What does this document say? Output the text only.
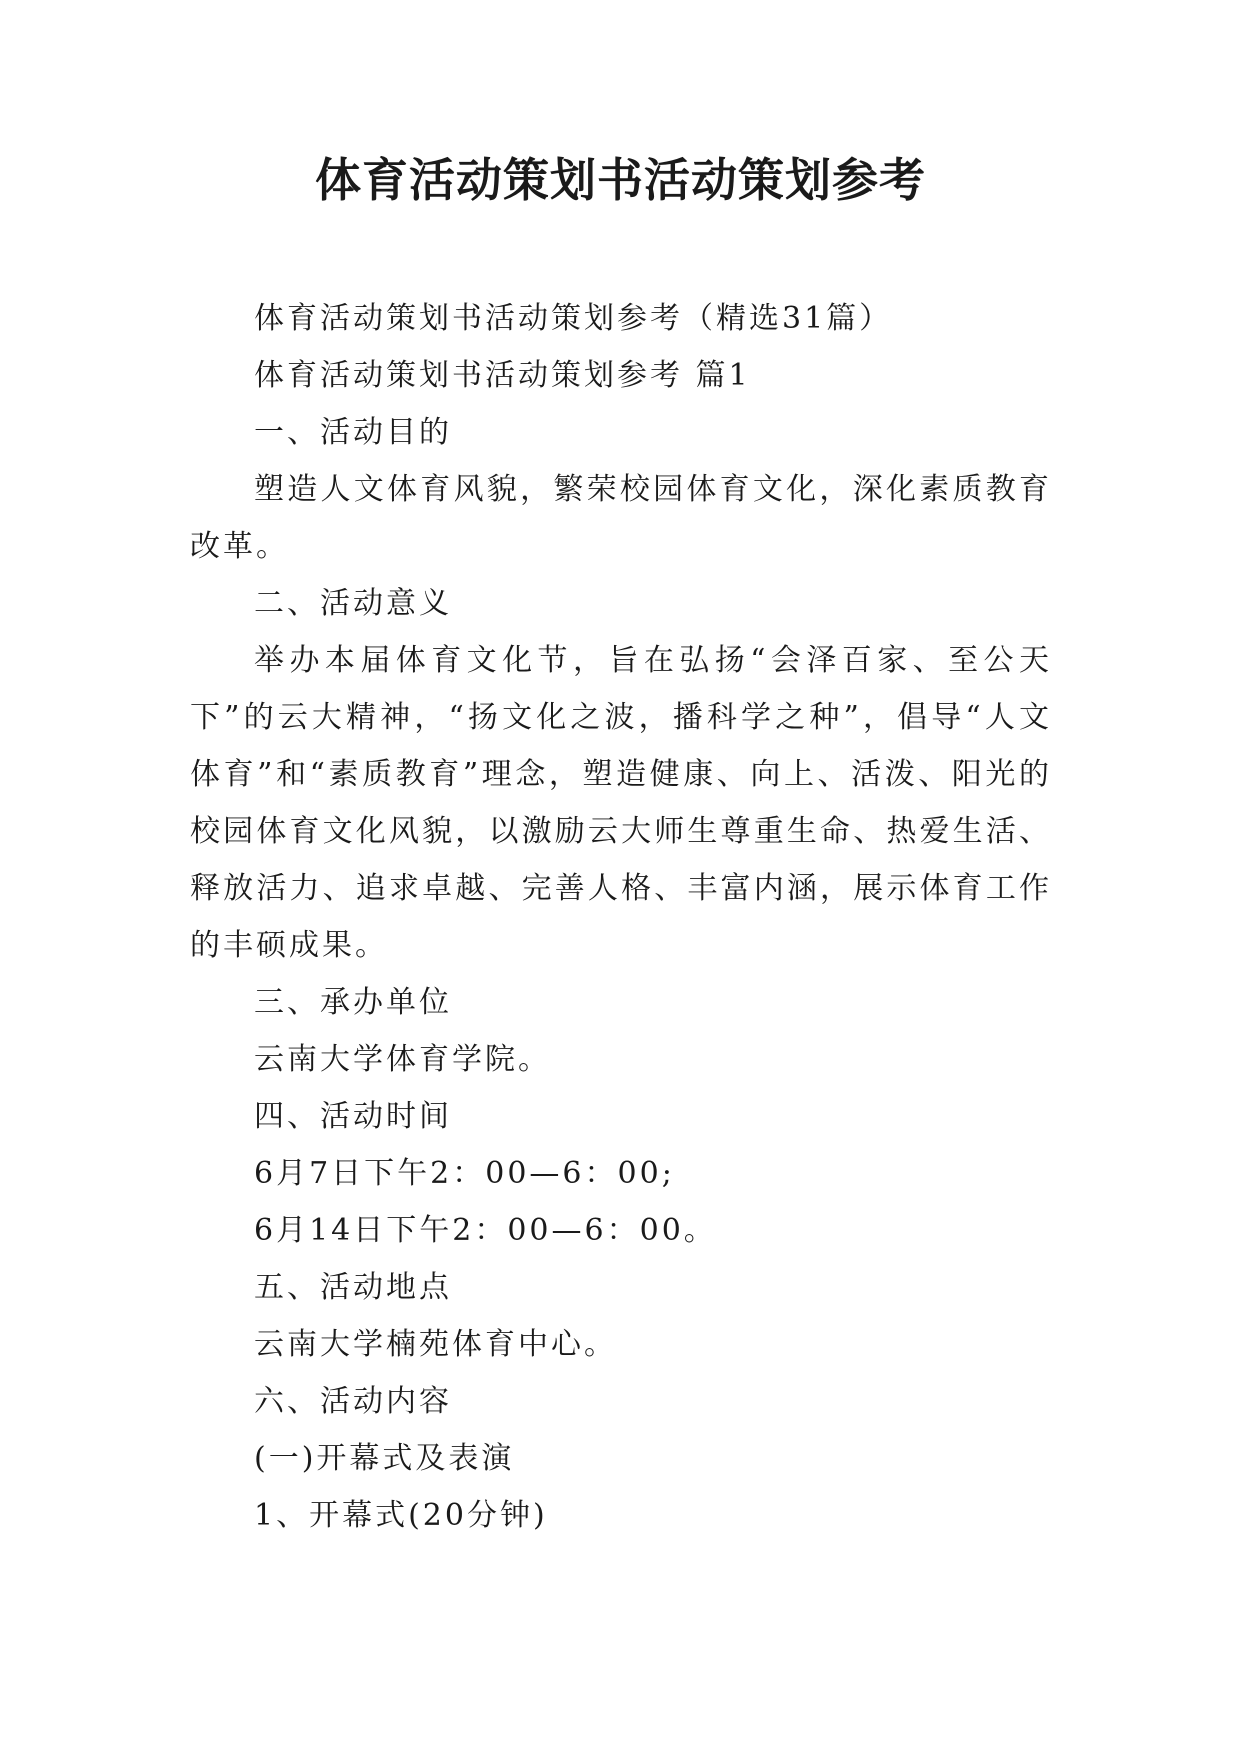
体育活动策划书活动策划参考

体育活动策划书活动策划参考（精选31篇）

体育活动策划书活动策划参考 篇1

一、活动目的

塑造人文体育风貌，繁荣校园体育文化，深化素质教育改革。

二、活动意义

举办本届体育文化节，旨在弘扬“会泽百家、至公天下”的云大精神，“扬文化之波，播科学之种”，倡导“人文体育”和“素质教育”理念，塑造健康、向上、活泼、阳光的校园体育文化风貌，以激励云大师生尊重生命、热爱生活、释放活力、追求卓越、完善人格、丰富内涵，展示体育工作的丰硕成果。

三、承办单位

云南大学体育学院。

四、活动时间

6月7日下午2：00—6：00;

6月14日下午2：00—6：00。

五、活动地点

云南大学楠苑体育中心。

六、活动内容

(一)开幕式及表演

1、开幕式(20分钟)
